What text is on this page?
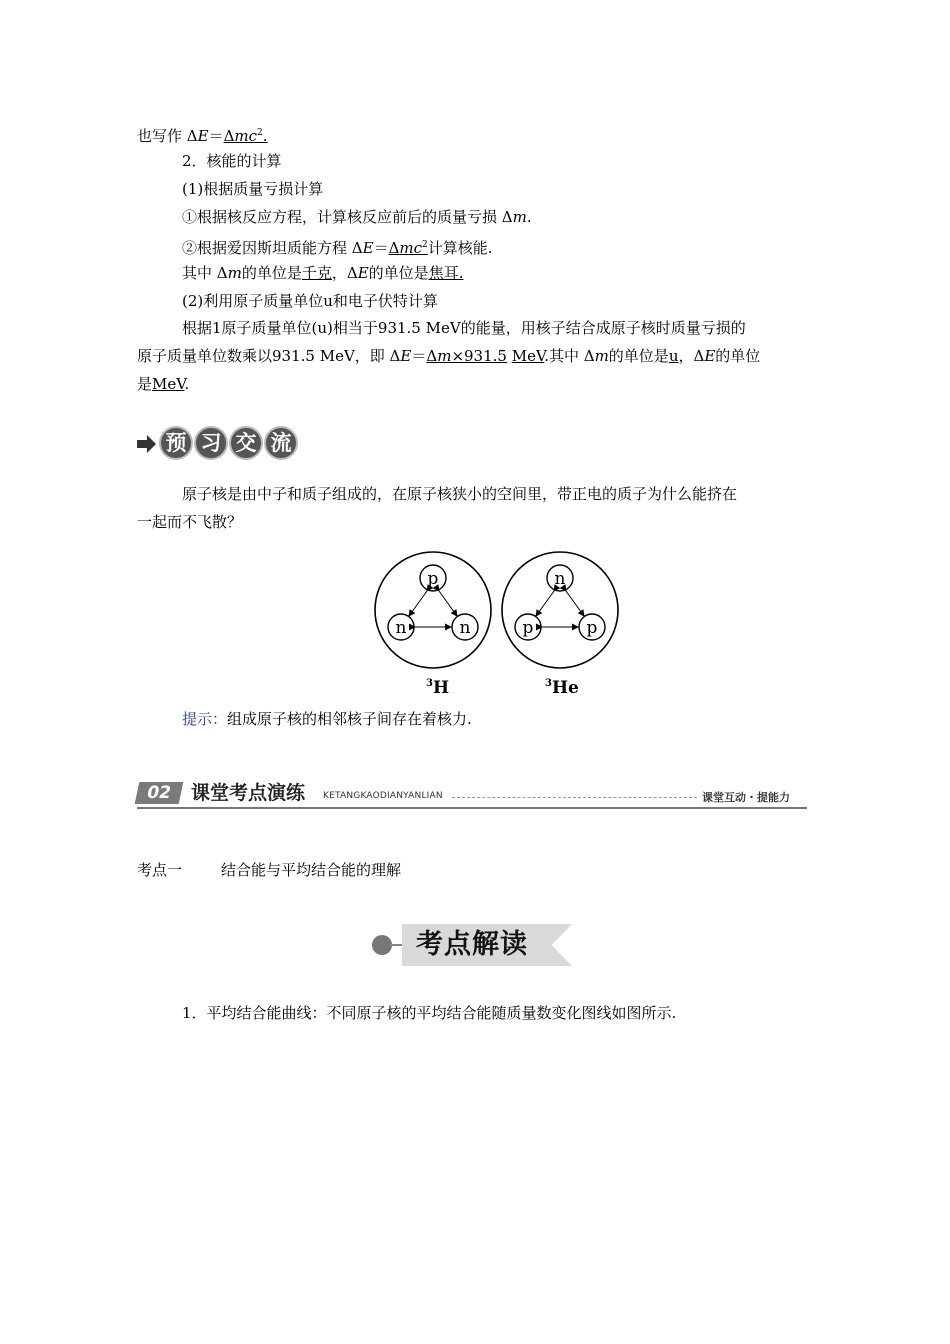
也写作 ΔE＝Δmc$^2$.
2．核能的计算
(1)根据质量亏损计算
①根据核反应方程，计算核反应前后的质量亏损 Δm.
②根据爱因斯坦质能方程 ΔE＝Δmc$^2$计算核能.
其中 Δm的单位是千克，ΔE的单位是焦耳.
(2)利用原子质量单位u和电子伏特计算
根据1原子质量单位(u)相当于931.5 MeV的能量，用核子结合成原子核时质量亏损的
原子质量单位数乘以931.5 MeV，即 ΔE＝Δm×931.5 MeV.其中 Δm的单位是u，ΔE的单位
是MeV.
预 习 交 流
原子核是由中子和质子组成的，在原子核狭小的空间里，带正电的质子为什么能挤在
一起而不飞散？
p
n	n
$^3$H
n
p	p
$^3$He
提示：组成原子核的相邻核子间存在着核力.
02 课堂考点演练 KETANGKAODIANYANLIAN	课堂互动・提能力
考点一	结合能与平均结合能的理解
考点解读
1．平均结合能曲线：不同原子核的平均结合能随质量数变化图线如图所示.
